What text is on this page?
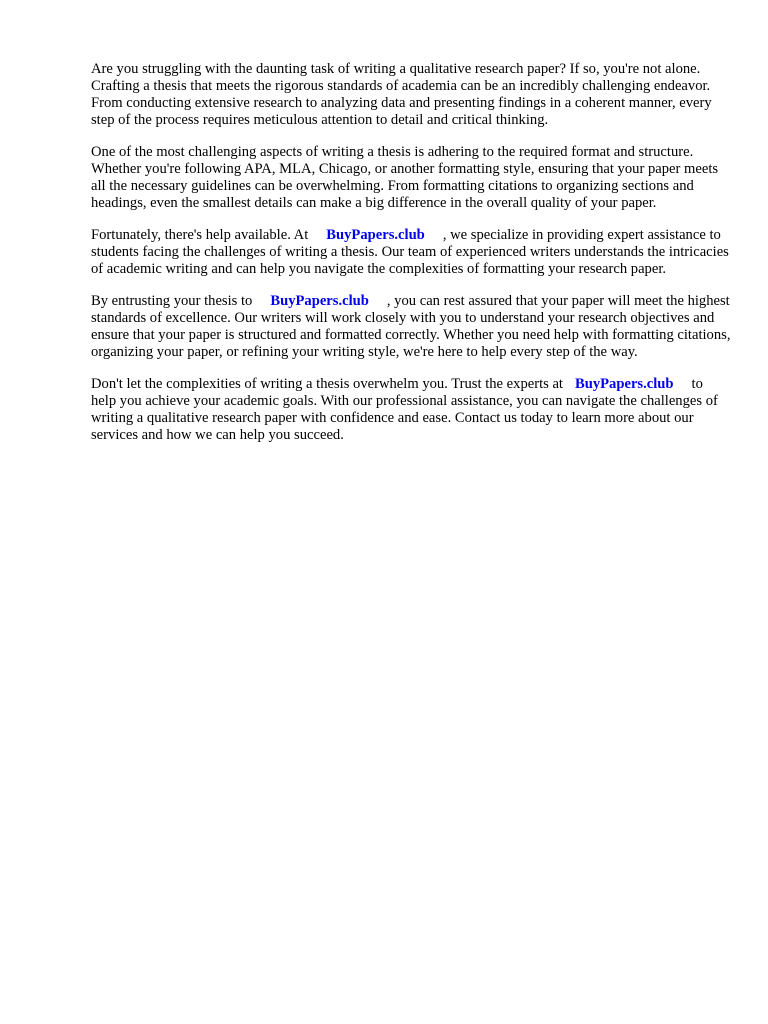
Are you struggling with the daunting task of writing a qualitative research paper? If so, you're not alone. Crafting a thesis that meets the rigorous standards of academia can be an incredibly challenging endeavor. From conducting extensive research to analyzing data and presenting findings in a coherent manner, every step of the process requires meticulous attention to detail and critical thinking.

One of the most challenging aspects of writing a thesis is adhering to the required format and structure. Whether you're following APA, MLA, Chicago, or another formatting style, ensuring that your paper meets all the necessary guidelines can be overwhelming. From formatting citations to organizing sections and headings, even the smallest details can make a big difference in the overall quality of your paper.

Fortunately, there's help available. At BuyPapers.club , we specialize in providing expert assistance to students facing the challenges of writing a thesis. Our team of experienced writers understands the intricacies of academic writing and can help you navigate the complexities of formatting your research paper.

By entrusting your thesis to BuyPapers.club , you can rest assured that your paper will meet the highest standards of excellence. Our writers will work closely with you to understand your research objectives and ensure that your paper is structured and formatted correctly. Whether you need help with formatting citations, organizing your paper, or refining your writing style, we're here to help every step of the way.

Don't let the complexities of writing a thesis overwhelm you. Trust the experts at BuyPapers.club to help you achieve your academic goals. With our professional assistance, you can navigate the challenges of writing a qualitative research paper with confidence and ease. Contact us today to learn more about our services and how we can help you succeed.
